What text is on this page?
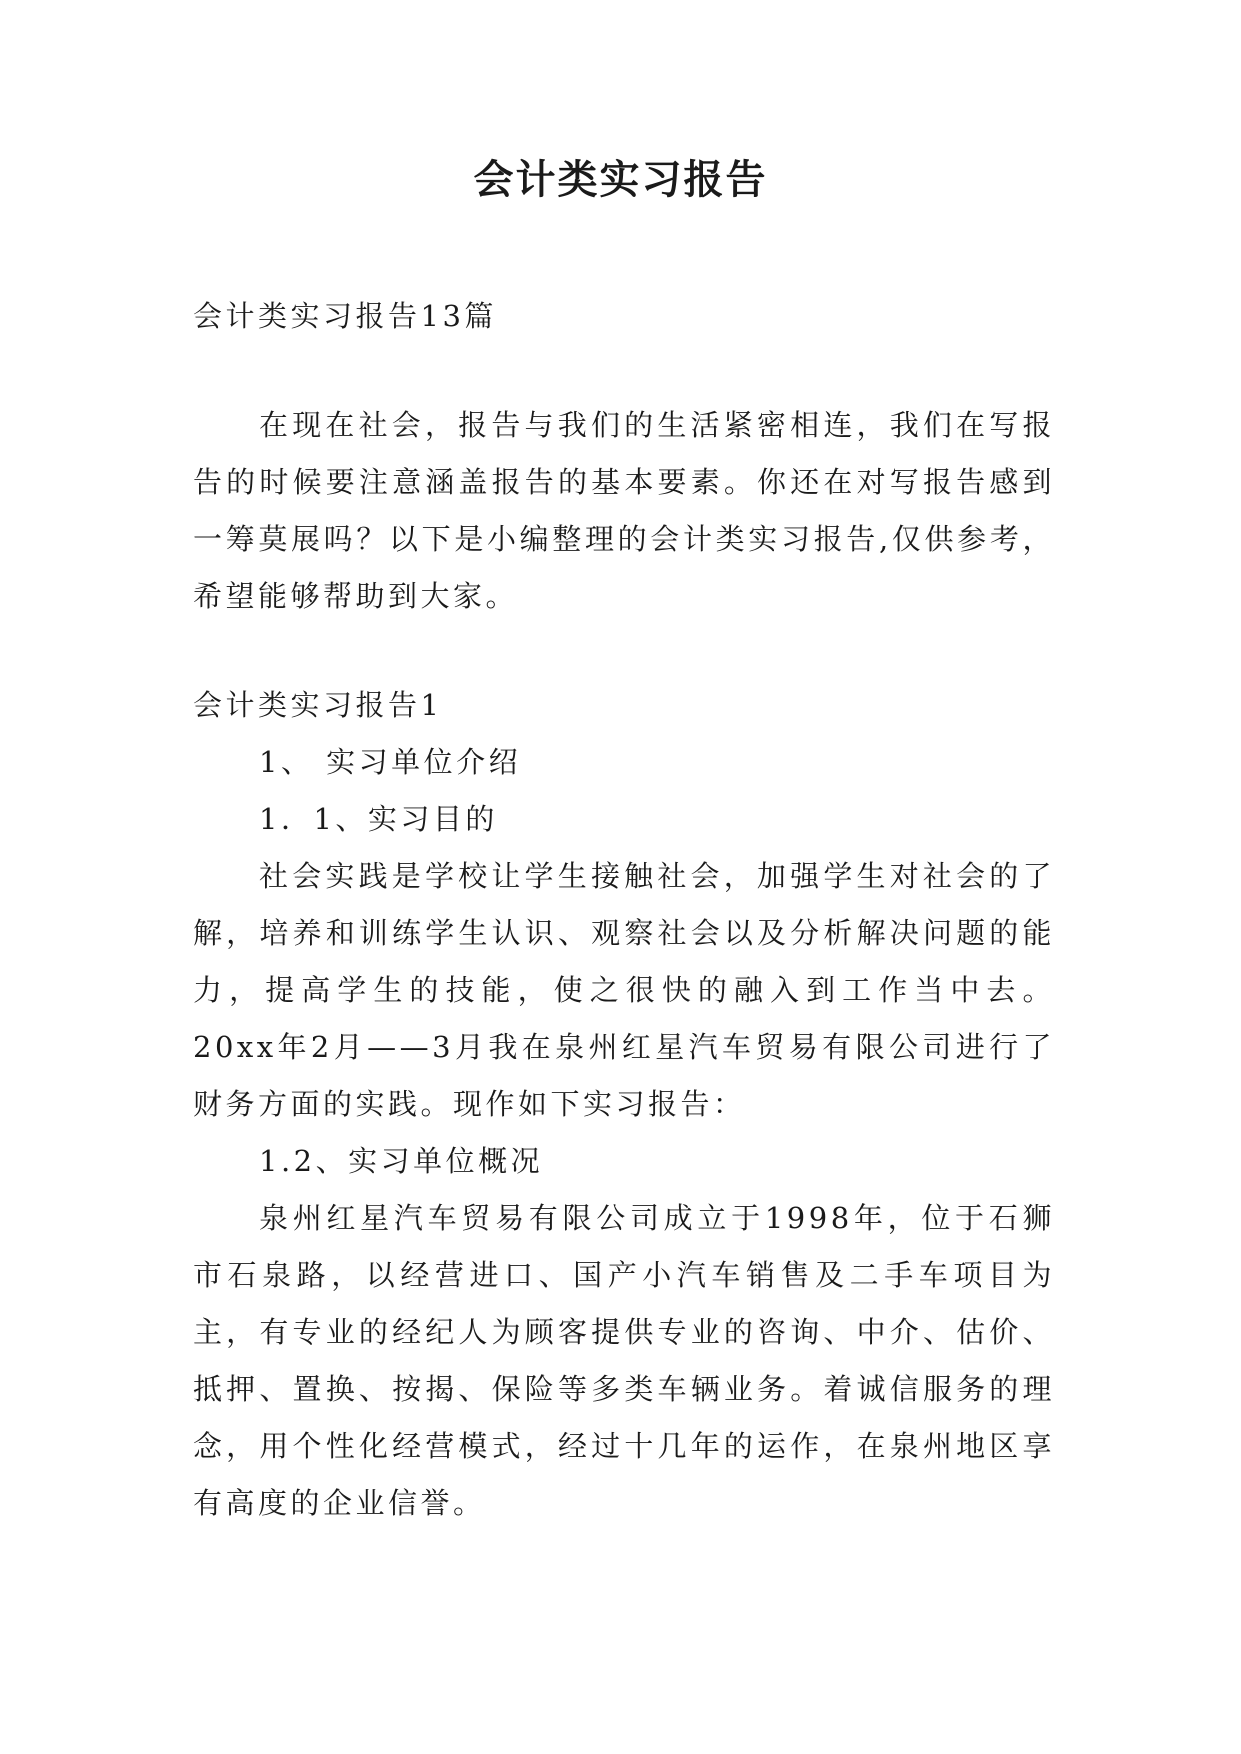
会计类实习报告

会计类实习报告13篇

在现在社会，报告与我们的生活紧密相连，我们在写报告的时候要注意涵盖报告的基本要素。你还在对写报告感到一筹莫展吗？以下是小编整理的会计类实习报告,仅供参考，希望能够帮助到大家。

会计类实习报告1

1、 实习单位介绍

1．1、实习目的

社会实践是学校让学生接触社会，加强学生对社会的了解，培养和训练学生认识、观察社会以及分析解决问题的能力，提高学生的技能，使之很快的融入到工作当中去。20xx年2月——3月我在泉州红星汽车贸易有限公司进行了财务方面的实践。现作如下实习报告：

1.2、实习单位概况

泉州红星汽车贸易有限公司成立于1998年，位于石狮市石泉路，以经营进口、国产小汽车销售及二手车项目为主，有专业的经纪人为顾客提供专业的咨询、中介、估价、抵押、置换、按揭、保险等多类车辆业务。着诚信服务的理念，用个性化经营模式，经过十几年的运作，在泉州地区享有高度的企业信誉。
